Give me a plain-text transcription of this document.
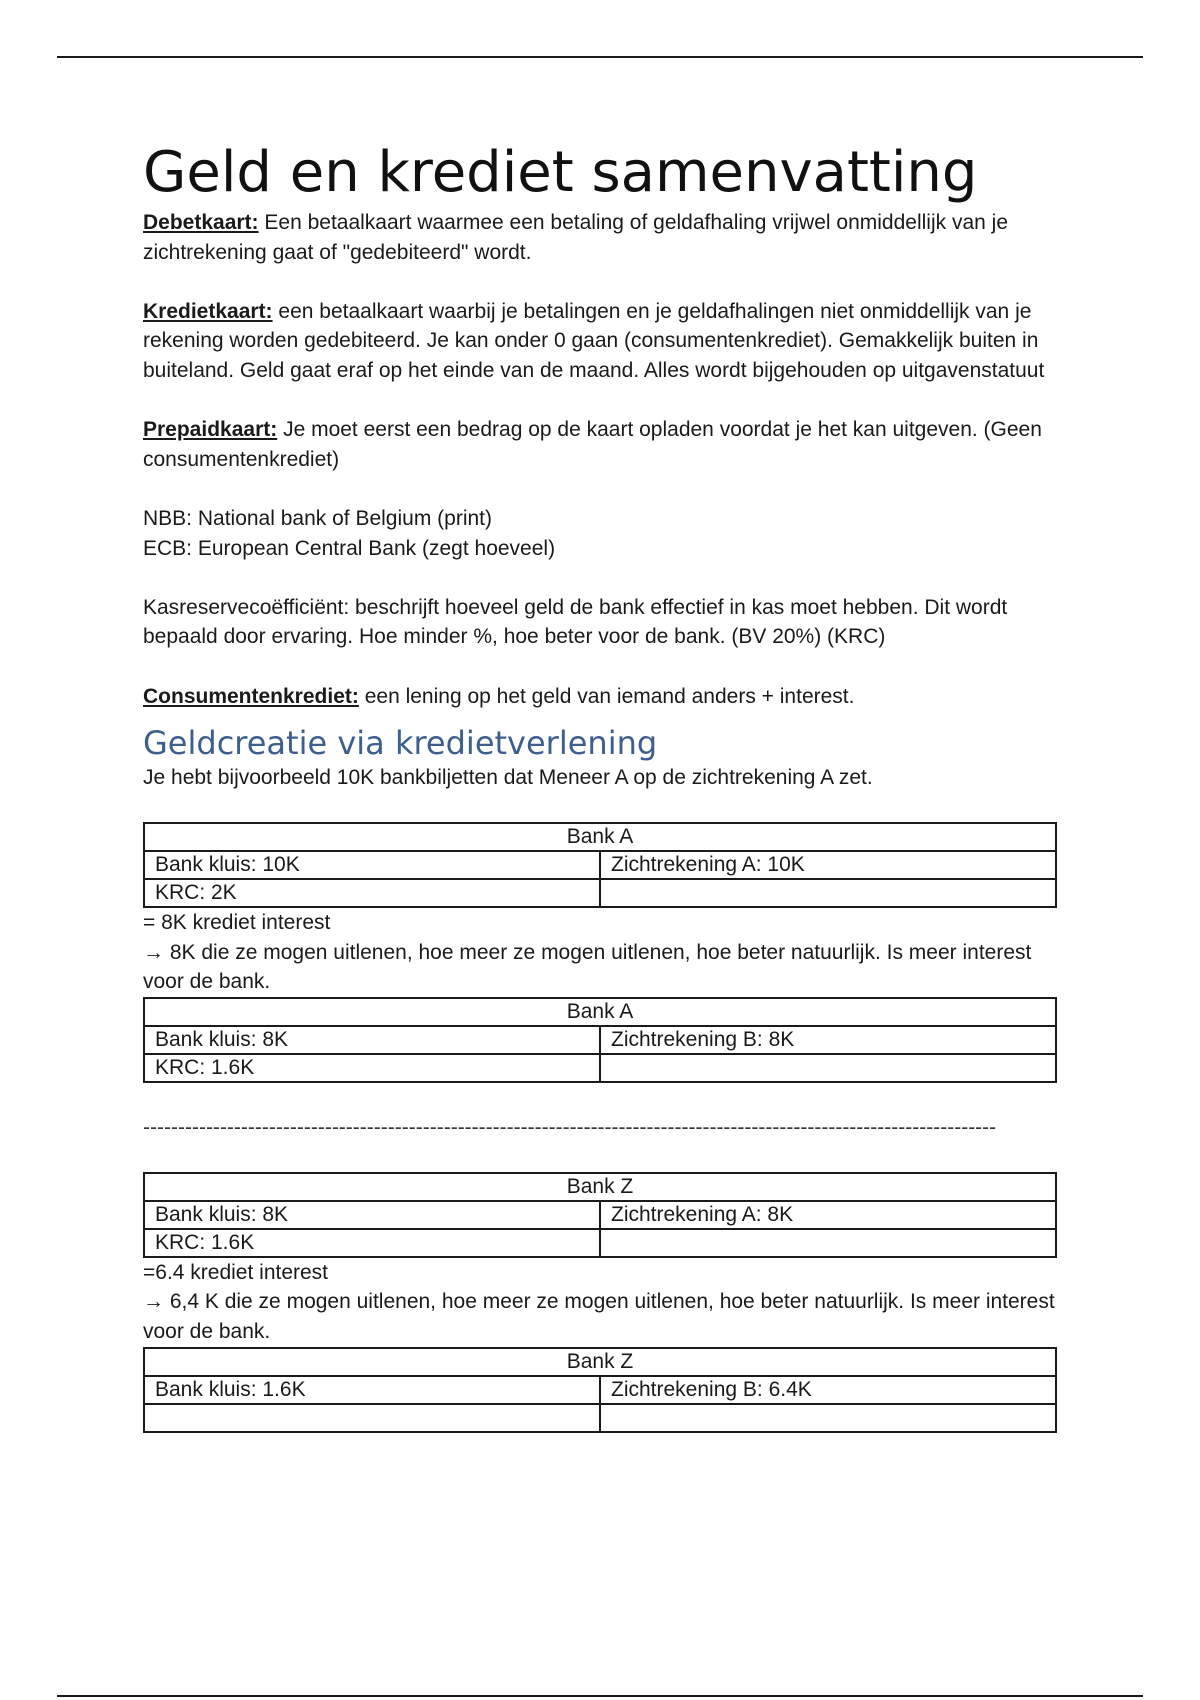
Geld en krediet samenvatting

Debetkaart: Een betaalkaart waarmee een betaling of geldafhaling vrijwel onmiddellijk van je zichtrekening gaat of "gedebiteerd" wordt.

Kredietkaart: een betaalkaart waarbij je betalingen en je geldafhalingen niet onmiddellijk van je rekening worden gedebiteerd. Je kan onder 0 gaan (consumentenkrediet). Gemakkelijk buiten in buiteland. Geld gaat eraf op het einde van de maand. Alles wordt bijgehouden op uitgavenstatuut

Prepaidkaart: Je moet eerst een bedrag op de kaart opladen voordat je het kan uitgeven. (Geen consumentenkrediet)

NBB: National bank of Belgium (print)

ECB: European Central Bank (zegt hoeveel)

Kasreservecoëfficiënt: beschrijft hoeveel geld de bank effectief in kas moet hebben. Dit wordt bepaald door ervaring. Hoe minder %, hoe beter voor de bank. (BV 20%) (KRC)

Consumentenkrediet: een lening op het geld van iemand anders + interest.

Geldcreatie via kredietverlening

Je hebt bijvoorbeeld 10K bankbiljetten dat Meneer A op de zichtrekening A zet.

Bank A	
Bank kluis: 10K	Zichtrekening A: 10K
KRC: 2K	

= 8K krediet interest

→ 8K die ze mogen uitlenen, hoe meer ze mogen uitlenen, hoe beter natuurlijk. Is meer interest voor de bank.

Bank A	
Bank kluis: 8K	Zichtrekening B: 8K
KRC: 1.6K	
--------------------------------------------------------------------------------------------------------------------------
Bank Z	
Bank kluis: 8K	Zichtrekening A: 8K
KRC: 1.6K	

=6.4 krediet interest

→ 6,4 K die ze mogen uitlenen, hoe meer ze mogen uitlenen, hoe beter natuurlijk. Is meer interest voor de bank.

Bank Z	
Bank kluis: 1.6K	Zichtrekening B: 6.4K
